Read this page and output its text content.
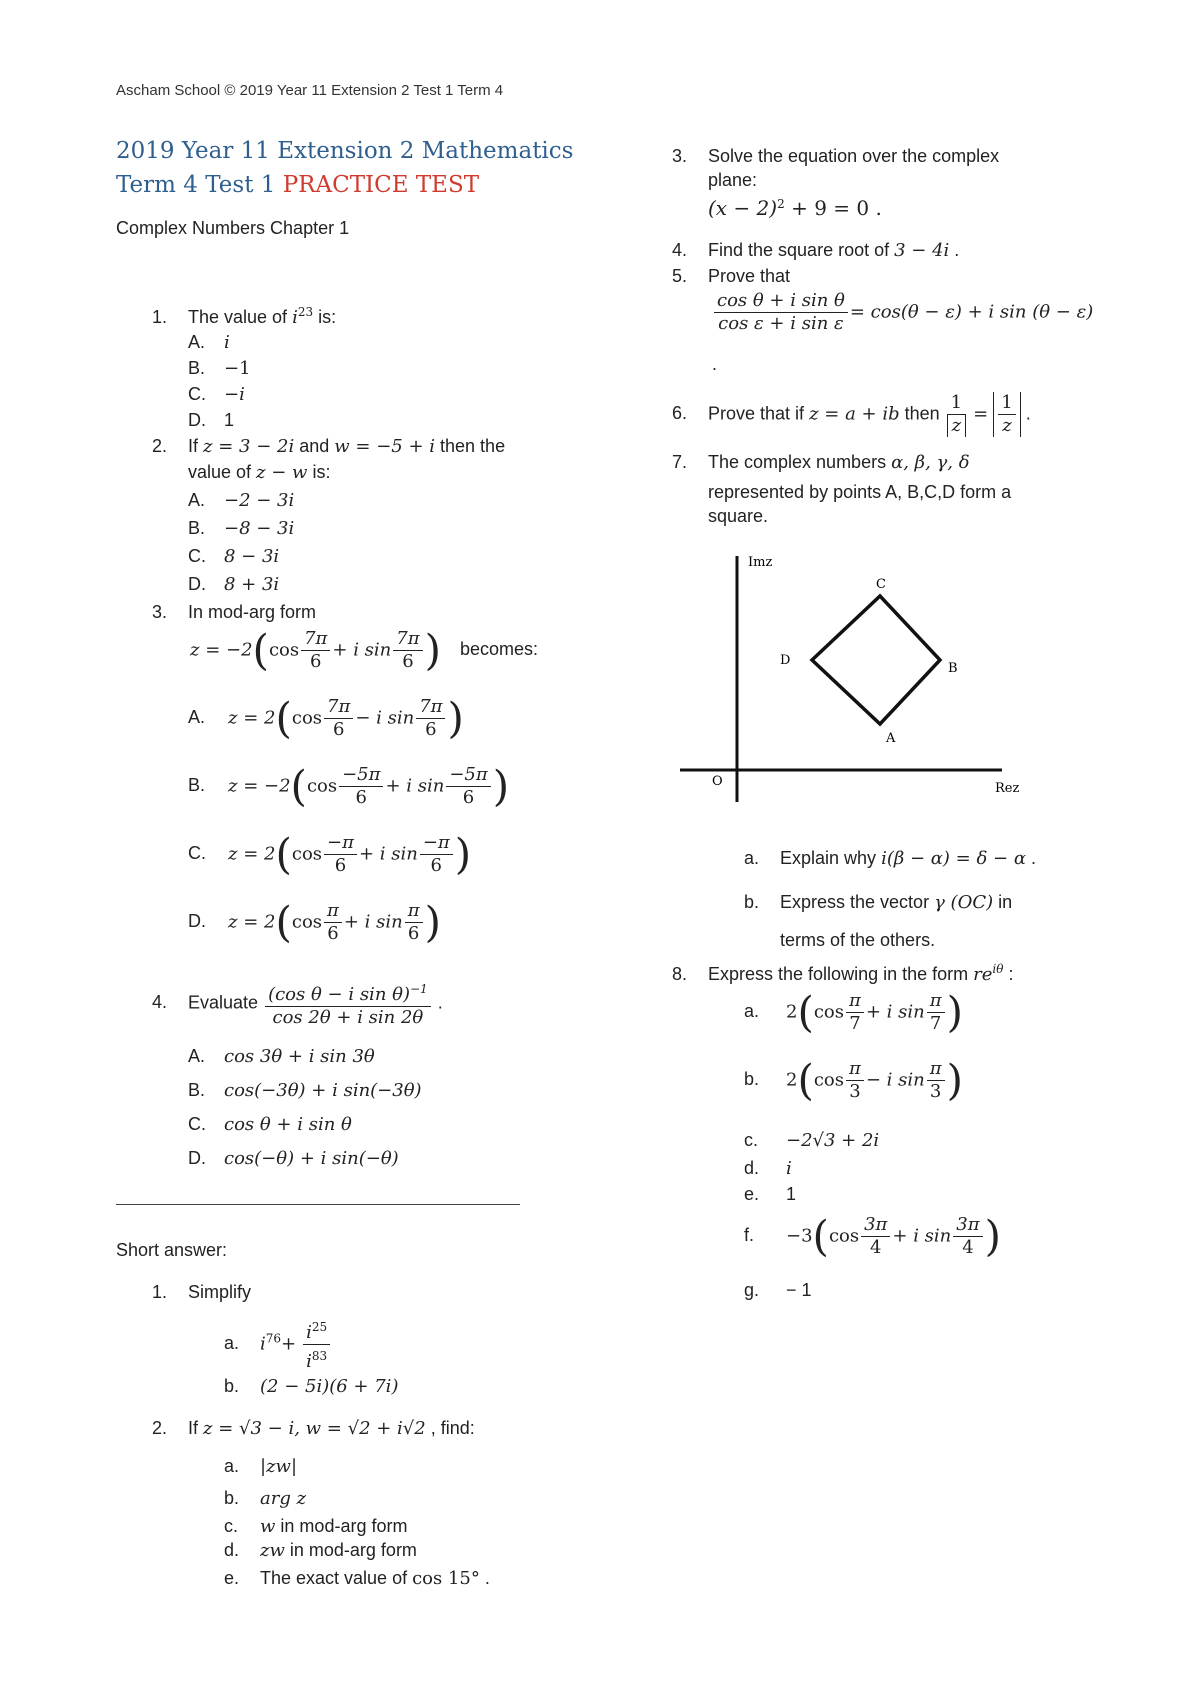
Ascham School © 2019 Year 11 Extension 2 Test 1 Term 4
2019 Year 11 Extension 2 Mathematics
Term 4 Test 1 PRACTICE TEST
Complex Numbers Chapter 1
1. The value of $i^{23}$ is:
A. i
B. −1
C. −i
D. 1
2. If z = 3 − 2i and w = −5 + i then the
value of z − w is:
A. −2 − 3i
B. −8 − 3i
C. 8 − 3i
D. 8 + 3i
3. In mod-arg form
$z = -2(\cos \frac{7\pi}{6} + i$ $\sin \frac{7\pi}{6}$ ) becomes:
A. $z = 2(\cos \frac{7\pi}{6} - i$ $\sin \frac{7\pi}{6}$ )
B. $z = -2(\cos \frac{-5\pi}{6} + i$ $\sin \frac{-5\pi}{6}$ )
C. $z = 2(\cos \frac{-\pi}{6} + i$ $\sin \frac{-\pi}{6}$ )
D. $z = 2(\cos \frac{\pi}{6} + i$ $\sin \frac{\pi}{6}$ )
4. Evaluate $\frac{(\cos \theta - i \sin \theta)^{-1}}{\text{cos 2θ + i sin 2θ}}$ .
A. cos 3θ + i sin 3θ
B. cos(−3θ) + i sin(−3θ)
C. cos θ + i sin θ
D. cos(−θ) + i sin(−θ)
Short answer:
1. Simplify
a. $i^{76}+ \frac{i^{25}}{i^{83}}$
b. (2 − 5i)(6 + 7i)
2. If z = √3 − i, w = √2 + i√2 , find:
a. |zw|
b. arg z
c. w in mod-arg form
d. zw in mod-arg form
e. The exact value of cos 15° .
3. Solve the equation over the complex
plane:
$(x - 2)^2 + 9 = 0$ .
4. Find the square root of 3 − 4i .
5. Prove that
$\frac{\text{cos θ + i sin θ}}{\text{cos ε + i sin ε}} = \cos(\theta - \varepsilon) + i$ sin (θ − ε)
.
6. Prove that if z = a + ib then $\frac{1}{z} = \frac{1}{z}$ .
7. The complex numbers α, β, γ, δ
represented by points A, B,C,D form a
square.
Imz
Rez
O
C
B
A
D
a. Explain why i(β − α) = δ − α .
b. Express the vector γ (OC) in
terms of the others.
8. Express the following in the form $re^{i\theta}$ :
a. $2(\cos \frac{\pi}{7} + i$ $\sin \frac{\pi}{7}$ )
b. $2(\cos \frac{\pi}{3} - i$ $\sin \frac{\pi}{3}$ )
c. −2√3 + 2i
d. i
e. 1
f. $-3(\cos \frac{3\pi}{4} + i$ $\sin \frac{3\pi}{4}$ )
g. − 1
